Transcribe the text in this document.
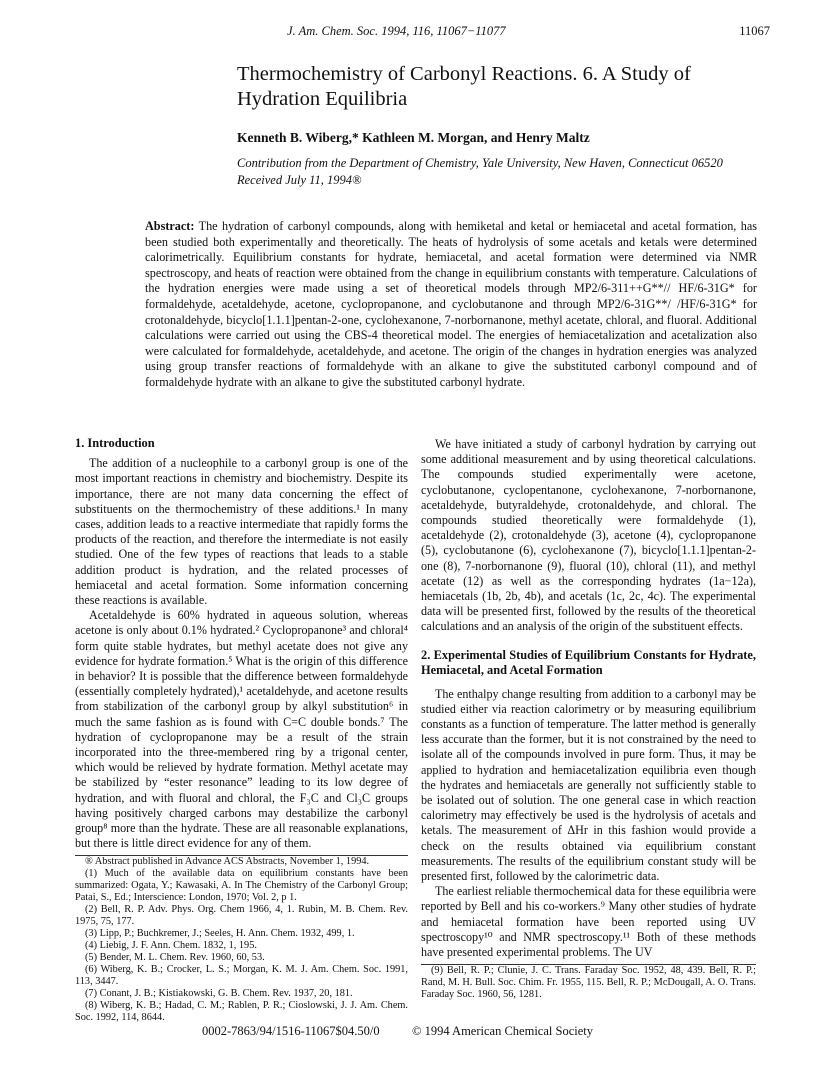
J. Am. Chem. Soc. 1994, 116, 11067−11077	11067
Thermochemistry of Carbonyl Reactions. 6. A Study of Hydration Equilibria
Kenneth B. Wiberg,* Kathleen M. Morgan, and Henry Maltz
Contribution from the Department of Chemistry, Yale University, New Haven, Connecticut 06520
Received July 11, 1994®
Abstract: The hydration of carbonyl compounds, along with hemiketal and ketal or hemiacetal and acetal formation, has been studied both experimentally and theoretically. The heats of hydrolysis of some acetals and ketals were determined calorimetrically. Equilibrium constants for hydrate, hemiacetal, and acetal formation were determined via NMR spectroscopy, and heats of reaction were obtained from the change in equilibrium constants with temperature. Calculations of the hydration energies were made using a set of theoretical models through MP2/6-311++G**// HF/6-31G* for formaldehyde, acetaldehyde, acetone, cyclopropanone, and cyclobutanone and through MP2/6-31G**/ /HF/6-31G* for crotonaldehyde, bicyclo[1.1.1]pentan-2-one, cyclohexanone, 7-norbornanone, methyl acetate, chloral, and fluoral. Additional calculations were carried out using the CBS-4 theoretical model. The energies of hemiacetalization and acetalization also were calculated for formaldehyde, acetaldehyde, and acetone. The origin of the changes in hydration energies was analyzed using group transfer reactions of formaldehyde with an alkane to give the substituted carbonyl compound and of formaldehyde hydrate with an alkane to give the substituted carbonyl hydrate.
1. Introduction

The addition of a nucleophile to a carbonyl group is one of the most important reactions in chemistry and biochemistry. Despite its importance, there are not many data concerning the effect of substituents on the thermochemistry of these additions.¹ In many cases, addition leads to a reactive intermediate that rapidly forms the products of the reaction, and therefore the intermediate is not easily studied. One of the few types of reactions that leads to a stable addition product is hydration, and the related processes of hemiacetal and acetal formation. Some information concerning these reactions is available.

Acetaldehyde is 60% hydrated in aqueous solution, whereas acetone is only about 0.1% hydrated.² Cyclopropanone³ and chloral⁴ form quite stable hydrates, but methyl acetate does not give any evidence for hydrate formation.⁵ What is the origin of this difference in behavior? It is possible that the difference between formaldehyde (essentially completely hydrated),¹ acetaldehyde, and acetone results from stabilization of the carbonyl group by alkyl substitution⁶ in much the same fashion as is found with C=C double bonds.⁷ The hydration of cyclopropanone may be a result of the strain incorporated into the three-membered ring by a trigonal center, which would be relieved by hydrate formation. Methyl acetate may be stabilized by “ester resonance” leading to its low degree of hydration, and with fluoral and chloral, the F₃C and Cl₃C groups having positively charged carbons may destabilize the carbonyl group⁸ more than the hydrate. These are all reasonable explanations, but there is little direct evidence for any of them.

® Abstract published in Advance ACS Abstracts, November 1, 1994.
(1) Much of the available data on equilibrium constants have been summarized: Ogata, Y.; Kawasaki, A. In The Chemistry of the Carbonyl Group; Patai, S., Ed.; Interscience: London, 1970; Vol. 2, p 1.
(2) Bell, R. P. Adv. Phys. Org. Chem 1966, 4, 1. Rubin, M. B. Chem. Rev. 1975, 75, 177.
(3) Lipp, P.; Buchkremer, J.; Seeles, H. Ann. Chem. 1932, 499, 1.
(4) Liebig, J. F. Ann. Chem. 1832, 1, 195.
(5) Bender, M. L. Chem. Rev. 1960, 60, 53.
(6) Wiberg, K. B.; Crocker, L. S.; Morgan, K. M. J. Am. Chem. Soc. 1991, 113, 3447.
(7) Conant, J. B.; Kistiakowski, G. B. Chem. Rev. 1937, 20, 181.
(8) Wiberg, K. B.; Hadad, C. M.; Rablen, P. R.; Cioslowski, J. J. Am. Chem. Soc. 1992, 114, 8644.

We have initiated a study of carbonyl hydration by carrying out some additional measurement and by using theoretical calculations. The compounds studied experimentally were acetone, cyclobutanone, cyclopentanone, cyclohexanone, 7-norbornanone, acetaldehyde, butyraldehyde, crotonaldehyde, and chloral. The compounds studied theoretically were formaldehyde (1), acetaldehyde (2), crotonaldehyde (3), acetone (4), cyclopropanone (5), cyclobutanone (6), cyclohexanone (7), bicyclo[1.1.1]pentan-2-one (8), 7-norbornanone (9), fluoral (10), chloral (11), and methyl acetate (12) as well as the corresponding hydrates (1a−12a), hemiacetals (1b, 2b, 4b), and acetals (1c, 2c, 4c). The experimental data will be presented first, followed by the results of the theoretical calculations and an analysis of the origin of the substituent effects.

2. Experimental Studies of Equilibrium Constants for Hydrate, Hemiacetal, and Acetal Formation

The enthalpy change resulting from addition to a carbonyl may be studied either via reaction calorimetry or by measuring equilibrium constants as a function of temperature. The latter method is generally less accurate than the former, but it is not constrained by the need to isolate all of the compounds involved in pure form. Thus, it may be applied to hydration and hemiacetalization equilibria even though the hydrates and hemiacetals are generally not sufficiently stable to be isolated out of solution. The one general case in which reaction calorimetry may effectively be used is the hydrolysis of acetals and ketals. The measurement of ΔHr in this fashion would provide a check on the results obtained via equilibrium constant measurements. The results of the equilibrium constant study will be presented first, followed by the calorimetric data.

The earliest reliable thermochemical data for these equilibria were reported by Bell and his co-workers.⁹ Many other studies of hydrate and hemiacetal formation have been reported using UV spectroscopy¹⁰ and NMR spectroscopy.¹¹ Both of these methods have presented experimental problems. The UV

(9) Bell, R. P.; Clunie, J. C. Trans. Faraday Soc. 1952, 48, 439. Bell, R. P.; Rand, M. H. Bull. Soc. Chim. Fr. 1955, 115. Bell, R. P.; McDougall, A. O. Trans. Faraday Soc. 1960, 56, 1281.
0002-7863/94/1516-11067$04.50/0	© 1994 American Chemical Society
